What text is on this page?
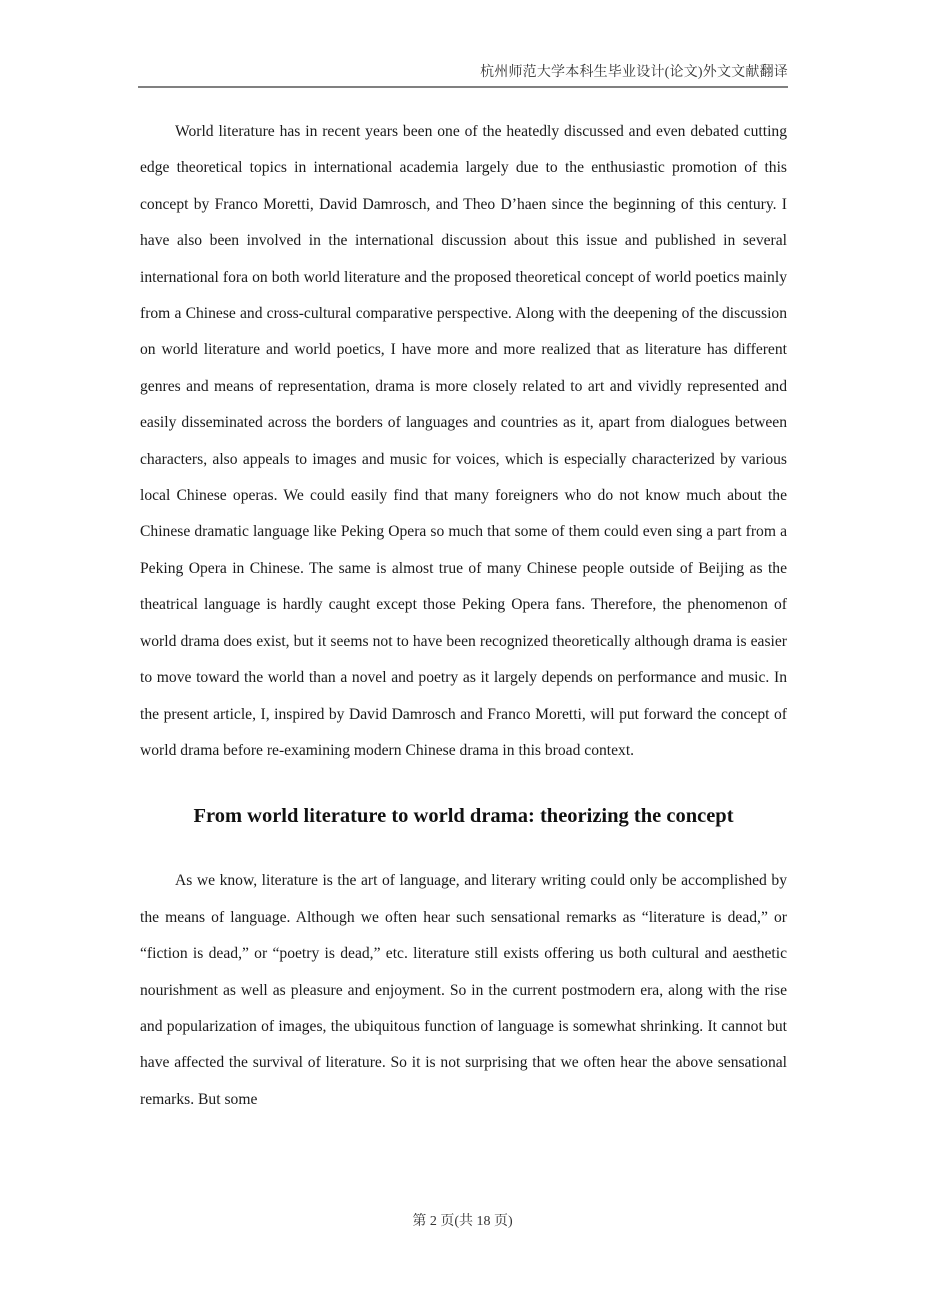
杭州师范大学本科生毕业设计(论文)外文文献翻译

World literature has in recent years been one of the heatedly discussed and even debated cutting edge theoretical topics in international academia largely due to the enthusiastic promotion of this concept by Franco Moretti, David Damrosch, and Theo D’haen since the beginning of this century. I have also been involved in the international discussion about this issue and published in several international fora on both world literature and the proposed theoretical concept of world poetics mainly from a Chinese and cross-cultural comparative perspective. Along with the deepening of the discussion on world literature and world poetics, I have more and more realized that as literature has different genres and means of representation, drama is more closely related to art and vividly represented and easily disseminated across the borders of languages and countries as it, apart from dialogues between characters, also appeals to images and music for voices, which is especially characterized by various local Chinese operas. We could easily find that many foreigners who do not know much about the Chinese dramatic language like Peking Opera so much that some of them could even sing a part from a Peking Opera in Chinese. The same is almost true of many Chinese people outside of Beijing as the theatrical language is hardly caught except those Peking Opera fans. Therefore, the phenomenon of world drama does exist, but it seems not to have been recognized theoretically although drama is easier to move toward the world than a novel and poetry as it largely depends on performance and music. In the present article, I, inspired by David Damrosch and Franco Moretti, will put forward the concept of world drama before re-examining modern Chinese drama in this broad context.

From world literature to world drama: theorizing the concept

As we know, literature is the art of language, and literary writing could only be accomplished by the means of language. Although we often hear such sensational remarks as “literature is dead,” or “fiction is dead,” or “poetry is dead,” etc. literature still exists offering us both cultural and aesthetic nourishment as well as pleasure and enjoyment. So in the current postmodern era, along with the rise and popularization of images, the ubiquitous function of language is somewhat shrinking. It cannot but have affected the survival of literature. So it is not surprising that we often hear the above sensational remarks. But some

第 2 页(共 18 页)
